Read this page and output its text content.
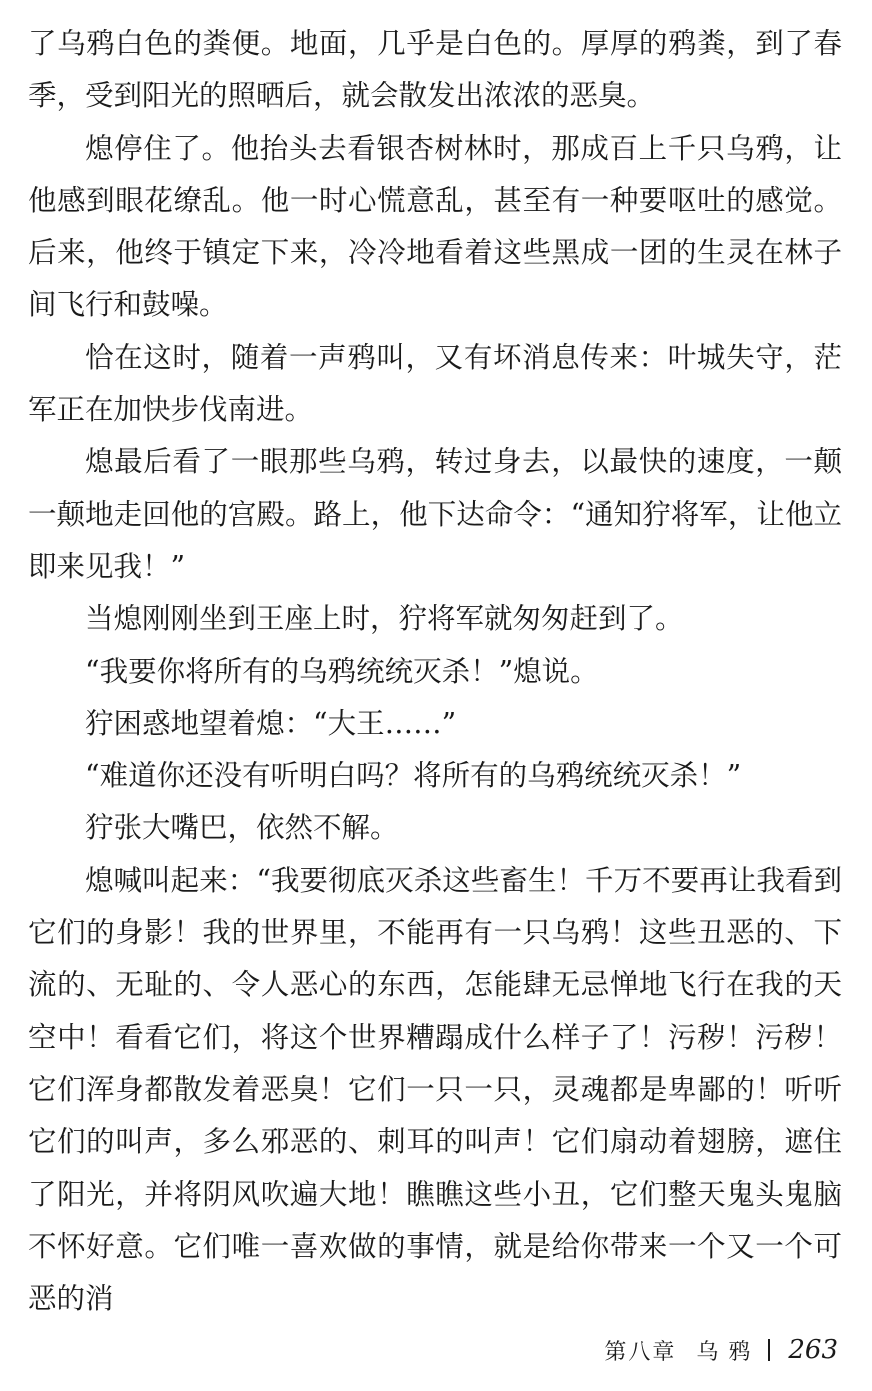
了乌鸦白色的粪便。地面，几乎是白色的。厚厚的鸦粪，到了春季，受到阳光的照晒后，就会散发出浓浓的恶臭。

熄停住了。他抬头去看银杏树林时，那成百上千只乌鸦，让他感到眼花缭乱。他一时心慌意乱，甚至有一种要呕吐的感觉。后来，他终于镇定下来，冷冷地看着这些黑成一团的生灵在林子间飞行和鼓噪。

恰在这时，随着一声鸦叫，又有坏消息传来：叶城失守，茫军正在加快步伐南进。

熄最后看了一眼那些乌鸦，转过身去，以最快的速度，一颠一颠地走回他的宫殿。路上，他下达命令：“通知狞将军，让他立即来见我！”

当熄刚刚坐到王座上时，狞将军就匆匆赶到了。

“我要你将所有的乌鸦统统灭杀！”熄说。

狞困惑地望着熄：“大王……”

“难道你还没有听明白吗？将所有的乌鸦统统灭杀！”

狞张大嘴巴，依然不解。

熄喊叫起来：“我要彻底灭杀这些畜生！千万不要再让我看到它们的身影！我的世界里，不能再有一只乌鸦！这些丑恶的、下流的、无耻的、令人恶心的东西，怎能肆无忌惮地飞行在我的天空中！看看它们，将这个世界糟蹋成什么样子了！污秽！污秽！它们浑身都散发着恶臭！它们一只一只，灵魂都是卑鄙的！听听它们的叫声，多么邪恶的、刺耳的叫声！它们扇动着翅膀，遮住了阳光，并将阴风吹遍大地！瞧瞧这些小丑，它们整天鬼头鬼脑不怀好意。它们唯一喜欢做的事情，就是给你带来一个又一个可恶的消

第八章 乌鸦 263
